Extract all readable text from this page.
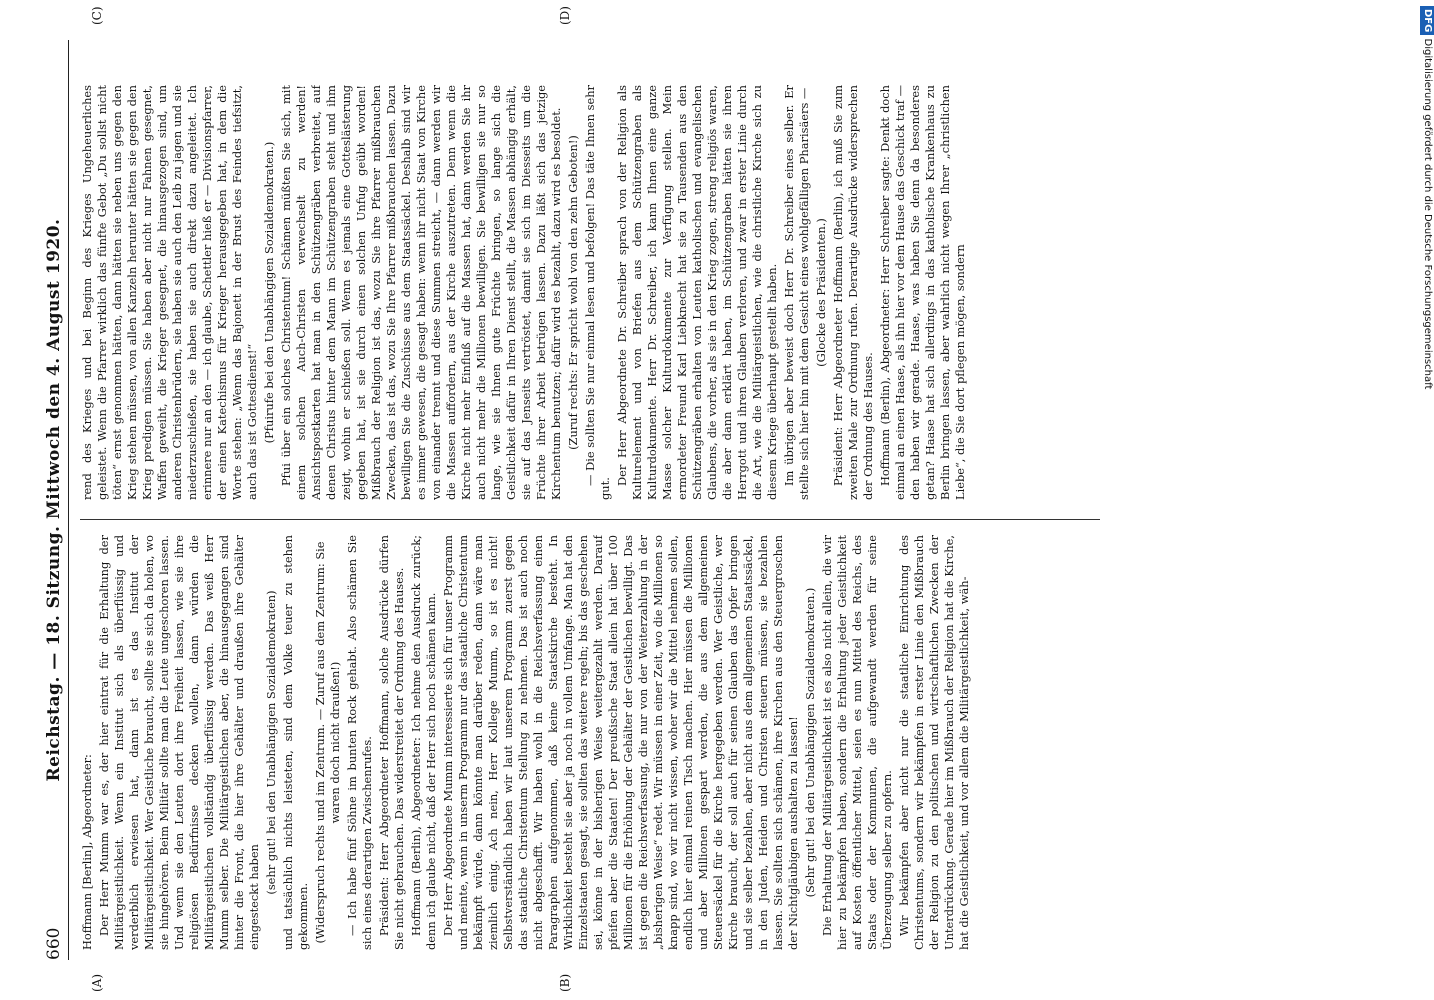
(A)	(B)
(C)	(D)
660
Reichstag. — 18. Sitzung. Mittwoch den 4. August 1920.

Hoffmann [Berlin], Abgeordneter: Der Herr Mumm war es, der hier eintrat für die Erhaltung der Militärgeistlichkeit. Wenn ein Institut sich als überflüssig und verderblich erwiesen hat, dann ist es das Institut der Militärgeistlichkeit. Wer Geistliche braucht, sollte sie sich da holen, wo sie hingehören. Beim Militär sollte man die Leute ungeschoren lassen. Und wenn sie den Leuten dort ihre Freiheit lassen, wie sie ihre religiösen Bedürfnisse decken wollen, dann würden die Militärgeistlichen vollständig überflüssig werden. Das weiß Herr Mumm selber. Die Militärgeistlichen aber, die hinausgegangen sind hinter die Front, die hier ihre Gehälter und draußen ihre Gehälter eingesteckt haben

(sehr gut! bei den Unabhängigen Sozialdemokraten) und tatsächlich nichts leisteten, sind dem Volke teuer zu stehen gekommen. (Widerspruch rechts und im Zentrum. — Zuruf aus dem Zentrum: Sie waren doch nicht draußen!) — Ich habe fünf Söhne im bunten Rock gehabt. Also schämen Sie sich eines derartigen Zwischenrufes. Präsident: Herr Abgeordneter Hoffmann, solche Ausdrücke dürfen Sie nicht gebrauchen. Das widerstreitet der Ordnung des Hauses. Hoffmann (Berlin), Abgeordneter: Ich nehme den Ausdruck zurück; denn ich glaube nicht, daß der Herr sich noch schämen kann. Der Herr Abgeordnete Mumm interessierte sich für unser Programm und meinte, wenn in unserm Programm nur das staatliche Christentum bekämpft würde, dann könnte man darüber reden, dann wäre man ziemlich einig. Ach nein, Herr Kollege Mumm, so ist es nicht! Selbstverständlich haben wir laut unserem Programm zuerst gegen das staatliche Christentum Stellung zu nehmen. Das ist auch noch nicht abgeschafft. Wir haben wohl in die Reichsverfassung einen Paragraphen aufgenommen, daß keine Staatskirche besteht. In Wirklichkeit besteht sie aber ja noch in vollem Umfange. Man hat den Einzelstaaten gesagt, sie sollten das weitere regeln; bis das geschehen sei, könne in der bisherigen Weise weitergezahlt werden. Darauf pfeifen aber die Staaten! Der preußische Staat allein hat über 100 Millionen für die Erhöhung der Gehälter der Geistlichen bewilligt. Das ist gegen die Reichsverfassung, die nur von der Weiterzahlung in der „bisherigen Weise“ redet. Wir müssen in einer Zeit, wo die Millionen so knapp sind, wo wir nicht wissen, woher wir die Mittel nehmen sollen, endlich hier einmal reinen Tisch machen. Hier müssen die Millionen und aber Millionen gespart werden, die aus dem allgemeinen Steuersäckel für die Kirche hergegeben werden. Wer Geistliche, wer Kirche braucht, der soll auch für seinen Glauben das Opfer bringen und sie selber bezahlen, aber nicht aus dem allgemeinen Staatssäckel, in den Juden, Heiden und Christen steuern müssen, sie bezahlen lassen. Sie sollten sich schämen, ihre Kirchen aus den Steuergroschen der Nichtgläubigen aushalten zu lassen! (Sehr gut! bei den Unabhängigen Sozialdemokraten.) Die Erhaltung der Militärgeistlichkeit ist es also nicht allein, die wir hier zu bekämpfen haben, sondern die Erhaltung jeder Geistlichkeit auf Kosten öffentlicher Mittel, seien es nun Mittel des Reichs, des Staats oder der Kommunen, die aufgewandt werden für seine Überzeugung selber zu opfern. Wir bekämpfen aber nicht nur die staatliche Einrichtung des Christentums, sondern wir bekämpfen in erster Linie den Mißbrauch der Religion zu den politischen und wirtschaftlichen Zwecken der Unterdrückung. Gerade hier im Mißbrauch der Religion hat die Kirche, hat die Geistlichkeit, und vor allem die Militärgeistlichkeit, wäh-

rend des Krieges und bei Beginn des Krieges Ungeheuerliches geleistet. Wenn die Pfarrer wirklich das fünfte Gebot „Du sollst nicht töten“ ernst genommen hätten, dann hätten sie neben uns gegen den Krieg stehen müssen, von allen Kanzeln herunter hätten sie gegen den Krieg predigen müssen. Sie haben aber nicht nur Fahnen gesegnet, Waffen geweiht, die Krieger gesegnet, die hinausgezogen sind, um anderen Christenbrüdern, sie haben sie auch den Leib zu jagen und sie niederzuschießen, sie haben sie auch direkt dazu angeleitet. Ich erinnere nur an den — ich glaube, Schettler hieß er — Divisionspfarrer, der einen Katechismus für Krieger herausgegeben hat, in dem die Worte stehen: „Wenn das Bajonett in der Brust des Feindes tiefsitzt, auch das ist Gottesdienst!“ (Pfuirufe bei den Unabhängigen Sozialdemokraten.) Pfui über ein solches Christentum! Schämen müßten Sie sich, mit einem solchen Auch-Christen verwechselt zu werden! Ansichtspostkarten hat man in den Schützengräben verbreitet, auf denen Christus hinter dem Mann im Schützengraben steht und ihm zeigt, wohin er schießen soll. Wenn es jemals eine Gotteslästerung gegeben hat, ist sie durch einen solchen Unfug geübt worden! Mißbrauch der Religion ist das, wozu Sie ihre Pfarrer mißbrauchen Zwecken, das ist das, wozu Sie Ihre Pfarrer mißbrauchen lassen. Dazu bewilligen Sie die Zuschüsse aus dem Staatssäckel. Deshalb sind wir es immer gewesen, die gesagt haben: wenn ihr nicht Staat von Kirche von einander trennt und diese Summen streicht, — dann werden wir die Massen auffordern, aus der Kirche auszutreten. Denn wenn die Kirche nicht mehr Einfluß auf die Massen hat, dann werden Sie ihr auch nicht mehr die Millionen bewilligen. Sie bewilligen sie nur so lange, wie sie Ihnen gute Früchte bringen, so lange sich die Geistlichkeit dafür in Ihren Dienst stellt, die Massen abhängig erhält, sie auf das Jenseits vertröstet, damit sie sich im Diesseits um die Früchte ihrer Arbeit betrügen lassen. Dazu läßt sich das jetzige Kirchentum benutzen; dafür wird es bezahlt, dazu wird es besoldet. (Zuruf rechts: Er spricht wohl von den zehn Geboten!) — Die sollten Sie nur einmal lesen und befolgen! Das täte Ihnen sehr gut.

Der Herr Abgeordnete Dr. Schreiber sprach von der Religion als Kulturelement und von Briefen aus dem Schützengraben als Kulturdokumente. Herr Dr. Schreiber, ich kann Ihnen eine ganze Masse solcher Kulturdokumente zur Verfügung stellen. Mein ermordeter Freund Karl Liebknecht hat sie zu Tausenden aus den Schützengräben erhalten von Leuten katholischen und evangelischen Glaubens, die vorher, als sie in den Krieg zogen, streng religiös waren, die aber dann erklärt haben, im Schützengraben hätten sie ihren Herrgott und ihren Glauben verloren, und zwar in erster Linie durch die Art, wie die Militärgeistlichen, wie die christliche Kirche sich zu diesem Kriege überhaupt gestellt haben. Im übrigen aber beweist doch Herr Dr. Schreiber eines selber. Er stellte sich hier hin mit dem Gesicht eines wohlgefälligen Pharisäers — (Glocke des Präsidenten.) Präsident: Herr Abgeordneter Hoffmann (Berlin), ich muß Sie zum zweiten Male zur Ordnung rufen. Derartige Ausdrücke widersprechen der Ordnung des Hauses. Hoffmann (Berlin), Abgeordneter: Herr Schreiber sagte: Denkt doch einmal an einen Haase, als ihn hier vor dem Hause das Geschick traf — den haben wir gerade. Haase, was haben Sie denn da besonderes getan? Haase hat sich allerdings in das katholische Krankenhaus zu Berlin bringen lassen, aber wahrlich nicht wegen Ihrer „christlichen Liebe“, die Sie dort pflegen mögen, sondern

DFG Digitalisierung gefördert durch die Deutsche Forschungsgemeinschaft
